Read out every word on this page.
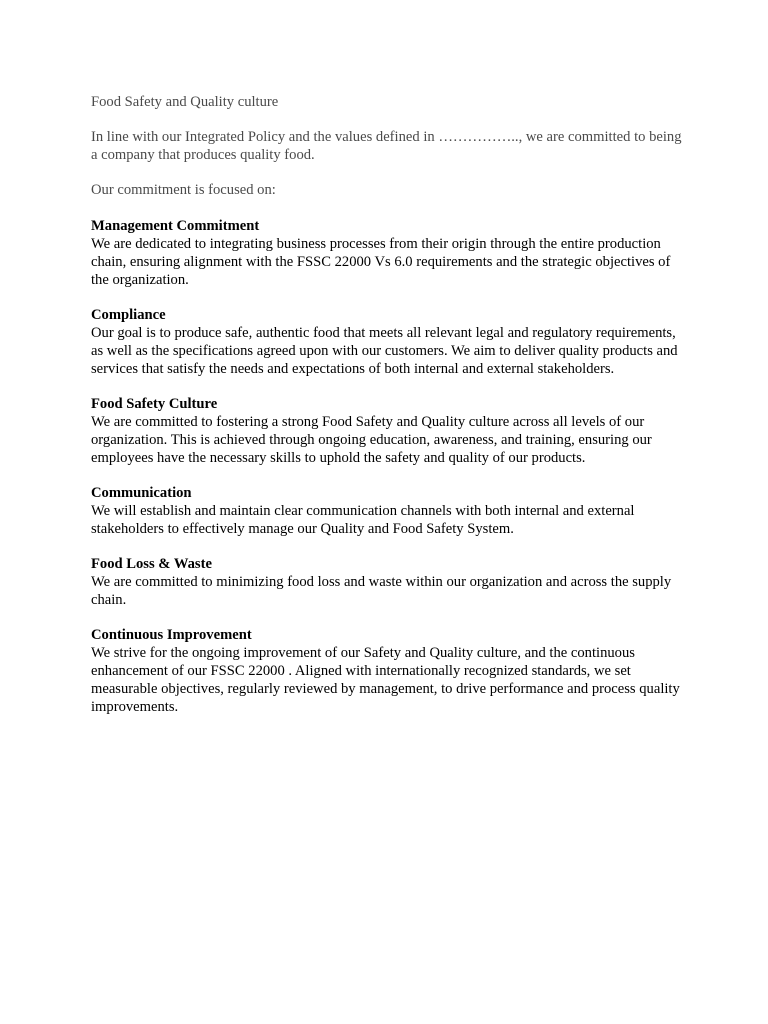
Food Safety and Quality culture

In line with our Integrated Policy and the values defined in …………….., we are committed to being a company that produces quality food.

Our commitment is focused on:

Management Commitment
We are dedicated to integrating business processes from their origin through the entire production chain, ensuring alignment with the FSSC 22000 Vs 6.0 requirements and the strategic objectives of the organization.
Compliance
Our goal is to produce safe, authentic food that meets all relevant legal and regulatory requirements, as well as the specifications agreed upon with our customers. We aim to deliver quality products and services that satisfy the needs and expectations of both internal and external stakeholders.
Food Safety Culture
We are committed to fostering a strong Food Safety and Quality culture across all levels of our organization. This is achieved through ongoing education, awareness, and training, ensuring our employees have the necessary skills to uphold the safety and quality of our products.
Communication
We will establish and maintain clear communication channels with both internal and external stakeholders to effectively manage our Quality and Food Safety System.
Food Loss & Waste
We are committed to minimizing food loss and waste within our organization and across the supply chain.
Continuous Improvement
We strive for the ongoing improvement of our Safety and Quality culture, and the continuous enhancement of our FSSC 22000 . Aligned with internationally recognized standards, we set measurable objectives, regularly reviewed by management, to drive performance and process quality improvements.
